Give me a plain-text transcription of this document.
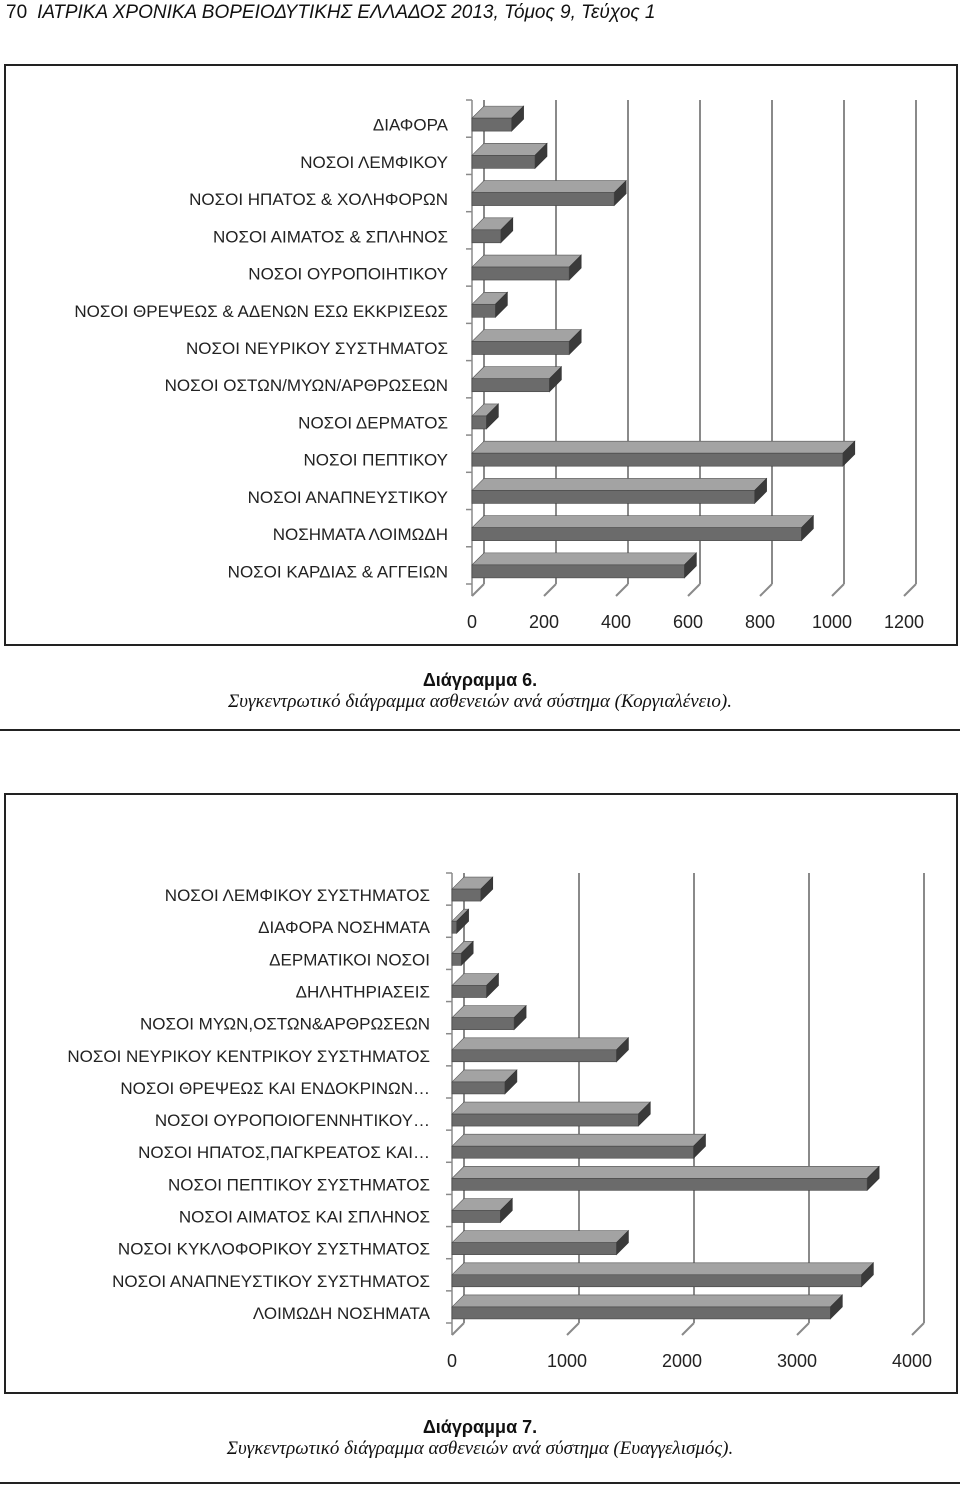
70 ΙΑΤΡΙΚΑ ΧΡΟΝΙΚΑ ΒΟΡΕΙΟΔΥΤΙΚΗΣ ΕΛΛΑΔΟΣ 2013, Τόμος 9, Τεύχος 1
0	200 400 600 800 1000 1200
ΔΙΑΦΟΡΑ
ΝΟΣΟΙ ΛΕΜΦΙΚΟΥ
ΝΟΣΟΙ ΗΠΑΤΟΣ & ΧΟΛΗΦΟΡΩΝ
ΝΟΣΟΙ ΑΙΜΑΤΟΣ & ΣΠΛΗΝΟΣ
ΝΟΣΟΙ ΟΥΡΟΠΟΙΗΤΙΚΟΥ
ΝΟΣΟΙ ΘΡΕΨΕΩΣ & ΑΔΕΝΩΝ ΕΣΩ ΕΚΚΡΙΣΕΩΣ
ΝΟΣΟΙ ΝΕΥΡΙΚΟΥ ΣΥΣΤΗΜΑΤΟΣ
ΝΟΣΟΙ ΟΣΤΩΝ/ΜΥΩΝ/ΑΡΘΡΩΣΕΩΝ
ΝΟΣΟΙ ΔΕΡΜΑΤΟΣ
ΝΟΣΟΙ ΠΕΠΤΙΚΟΥ
ΝΟΣΟΙ ΑΝΑΠΝΕΥΣΤΙΚΟΥ
ΝΟΣΗΜΑΤΑ ΛΟΙΜΩΔΗ
ΝΟΣΟΙ ΚΑΡΔΙΑΣ & ΑΓΓΕΙΩΝ
Διάγραμμα 6.
Συγκεντρωτικό διάγραμμα ασθενειών ανά σύστημα (Κοργιαλένειο).
0	1000	2000	3000	4000
ΝΟΣΟΙ ΛΕΜΦΙΚΟΥ ΣΥΣΤΗΜΑΤΟΣ
ΔΙΑΦΟΡΑ ΝΟΣΗΜΑΤΑ
ΔΕΡΜΑΤΙΚΟΙ ΝΟΣΟΙ
ΔΗΛΗΤΗΡΙΑΣΕΙΣ
ΝΟΣΟΙ ΜΥΩΝ,ΟΣΤΩΝ&ΑΡΘΡΩΣΕΩΝ
ΝΟΣΟΙ ΝΕΥΡΙΚΟΥ ΚΕΝΤΡΙΚΟΥ ΣΥΣΤΗΜΑΤΟΣ
ΝΟΣΟΙ ΘΡΕΨΕΩΣ ΚΑΙ ΕΝΔΟΚΡΙΝΩΝ…
ΝΟΣΟΙ ΟΥΡΟΠΟΙΟΓΕΝΝΗΤΙΚΟΥ…
ΝΟΣΟΙ ΗΠΑΤΟΣ,ΠΑΓΚΡΕΑΤΟΣ ΚΑΙ…
ΝΟΣΟΙ ΠΕΠΤΙΚΟΥ ΣΥΣΤΗΜΑΤΟΣ
ΝΟΣΟΙ ΑΙΜΑΤΟΣ ΚΑΙ ΣΠΛΗΝΟΣ
ΝΟΣΟΙ ΚΥΚΛΟΦΟΡΙΚΟΥ ΣΥΣΤΗΜΑΤΟΣ
ΝΟΣΟΙ ΑΝΑΠΝΕΥΣΤΙΚΟΥ ΣΥΣΤΗΜΑΤΟΣ
ΛΟΙΜΩΔΗ ΝΟΣΗΜΑΤΑ
Διάγραμμα 7.
Συγκεντρωτικό διάγραμμα ασθενειών ανά σύστημα (Ευαγγελισμός).
